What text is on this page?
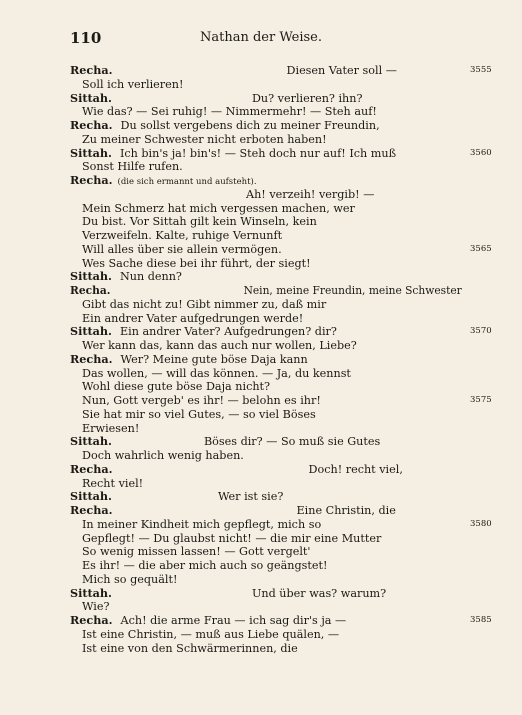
110	Nathan der Weise.
Recha.	Diesen Vater soll —	3555
Soll ich verlieren!
Sittah.	Du? verlieren? ihn?
Wie das? — Sei ruhig! — Nimmermehr! — Steh auf!
Recha. Du sollst vergebens dich zu meiner Freundin,
Zu meiner Schwester nicht erboten haben!
Sittah. Ich bin's ja! bin's! — Steh doch nur auf! Ich muß	3560
Sonst Hilfe rufen.
Recha. (die sich ermannt und aufsteht).
Ah! verzeih! vergib! —
Mein Schmerz hat mich vergessen machen, wer
Du bist. Vor Sittah gilt kein Winseln, kein
Verzweifeln. Kalte, ruhige Vernunft
Will alles über sie allein vermögen.	3565
Wes Sache diese bei ihr führt, der siegt!
Sittah. Nun denn?
Recha.	Nein, meine Freundin, meine Schwester
Gibt das nicht zu! Gibt nimmer zu, daß mir
Ein andrer Vater aufgedrungen werde!
Sittah. Ein andrer Vater? Aufgedrungen? dir?	3570
Wer kann das, kann das auch nur wollen, Liebe?
Recha. Wer? Meine gute böse Daja kann
Das wollen, — will das können. — Ja, du kennst
Wohl diese gute böse Daja nicht?
Nun, Gott vergeb' es ihr! — belohn es ihr!	3575
Sie hat mir so viel Gutes, — so viel Böses
Erwiesen!
Sittah.	Böses dir? — So muß sie Gutes
Doch wahrlich wenig haben.
Recha.	Doch! recht viel,
Recht viel!
Sittah.	Wer ist sie?
Recha.	Eine Christin, die
In meiner Kindheit mich gepflegt, mich so	3580
Gepflegt! — Du glaubst nicht! — die mir eine Mutter
So wenig missen lassen! — Gott vergelt'
Es ihr! — die aber mich auch so geängstet!
Mich so gequält!
Sittah.	Und über was? warum?
Wie?
Recha. Ach! die arme Frau — ich sag dir's ja —	3585
Ist eine Christin, — muß aus Liebe quälen, —
Ist eine von den Schwärmerinnen, die
